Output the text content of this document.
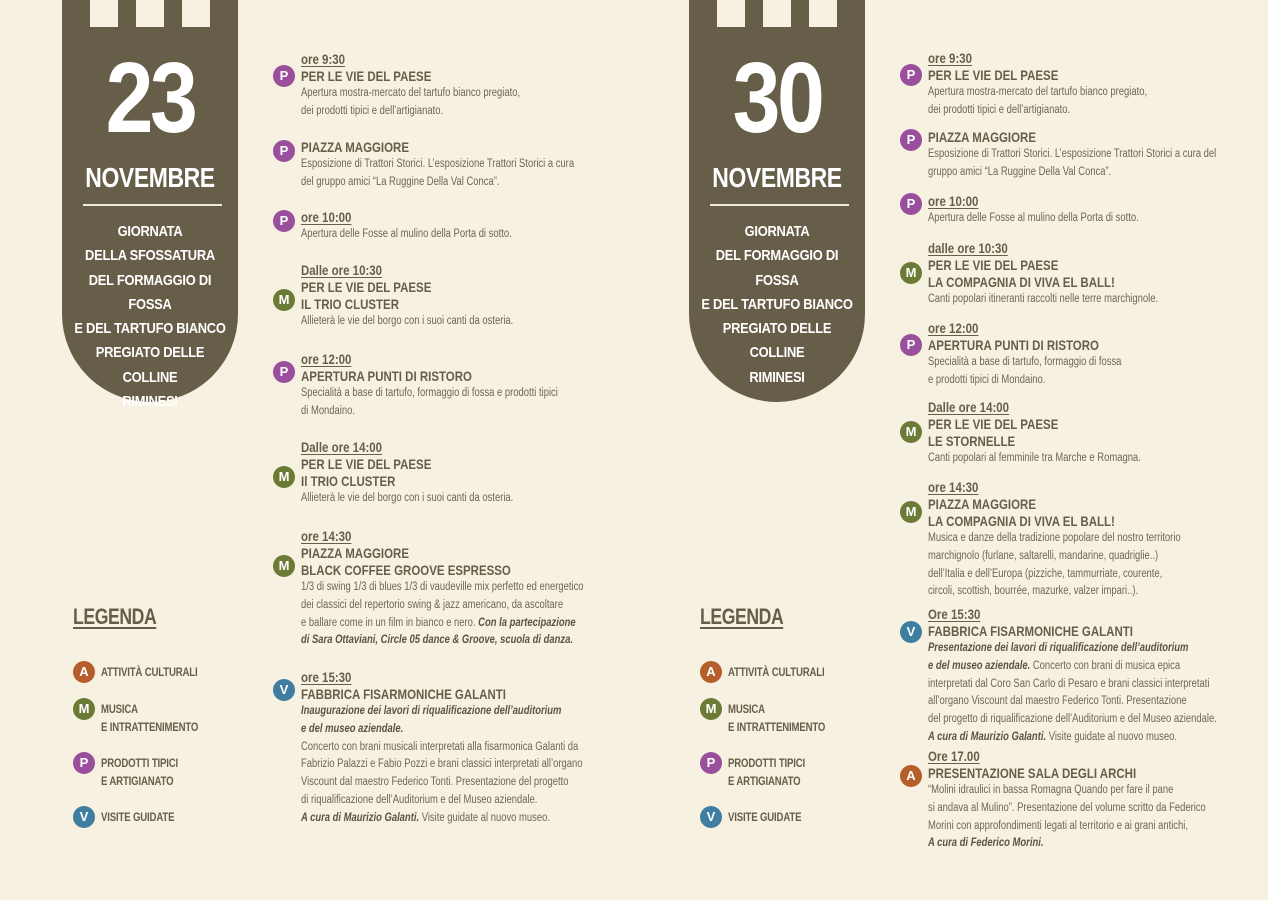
23
NOVEMBRE
GIORNATA
DELLA SFOSSATURA
DEL FORMAGGIO DI FOSSA
E DEL TARTUFO BIANCO
PREGIATO DELLE COLLINE
RIMINESI
30
NOVEMBRE
GIORNATA
DEL FORMAGGIO DI FOSSA
E DEL TARTUFO BIANCO
PREGIATO DELLE COLLINE
RIMINESI
LEGENDA
A	ATTIVITÀ CULTURALI
M MUSICA
E INTRATTENIMENTO
P	PRODOTTI TIPICI
E ARTIGIANATO
V	VISITE GUIDATE
LEGENDA
A	ATTIVITÀ CULTURALI
M MUSICA
E INTRATTENIMENTO
P	PRODOTTI TIPICI
E ARTIGIANATO
V	VISITE GUIDATE
P
ore 9:30
PER LE VIE DEL PAESE
Apertura mostra-mercato del tartufo bianco pregiato,
dei prodotti tipici e dell’artigianato.
P PIAZZA MAGGIORE
Esposizione di Trattori Storici. L’esposizione Trattori Storici a cura
del gruppo amici “La Ruggine Della Val Conca”.
P ore 10:00
Apertura delle Fosse al mulino della Porta di sotto.
M
Dalle ore 10:30
PER LE VIE DEL PAESE
IL TRIO CLUSTER
Allieterà le vie del borgo con i suoi canti da osteria.
P
ore 12:00
APERTURA PUNTI DI RISTORO
Specialità a base di tartufo, formaggio di fossa e prodotti tipici
di Mondaino.
M
Dalle ore 14:00
PER LE VIE DEL PAESE
Il TRIO CLUSTER
Allieterà le vie del borgo con i suoi canti da osteria.
M
ore 14:30
PIAZZA MAGGIORE
BLACK COFFEE GROOVE ESPRESSO
1/3 di swing 1/3 di blues 1/3 di vaudeville mix perfetto ed energetico
dei classici del repertorio swing & jazz americano, da ascoltare
e ballare come in un film in bianco e nero. Con la partecipazione
di Sara Ottaviani, Circle 05 dance & Groove, scuola di danza.
V
ore 15:30
FABBRICA FISARMONICHE GALANTI
Inaugurazione dei lavori di riqualificazione dell’auditorium
e del museo aziendale.
Concerto con brani musicali interpretati alla fisarmonica Galanti da
Fabrizio Palazzi e Fabio Pozzi e brani classici interpretati all’organo
Viscount dal maestro Federico Tonti. Presentazione del progetto
di riqualificazione dell’Auditorium e del Museo aziendale.
A cura di Maurizio Galanti. Visite guidate al nuovo museo.
P
ore 9:30
PER LE VIE DEL PAESE
Apertura mostra-mercato del tartufo bianco pregiato,
dei prodotti tipici e dell’artigianato.
P PIAZZA MAGGIORE
Esposizione di Trattori Storici. L’esposizione Trattori Storici a cura del
gruppo amici “La Ruggine Della Val Conca”.
P ore 10:00
Apertura delle Fosse al mulino della Porta di sotto.
M
dalle ore 10:30
PER LE VIE DEL PAESE
LA COMPAGNIA DI VIVA EL BALL!
Canti popolari itineranti raccolti nelle terre marchignole.
P
ore 12:00
APERTURA PUNTI DI RISTORO
Specialità a base di tartufo, formaggio di fossa
e prodotti tipici di Mondaino.
M
Dalle ore 14:00
PER LE VIE DEL PAESE
LE STORNELLE
Canti popolari al femminile tra Marche e Romagna.
M
ore 14:30
PIAZZA MAGGIORE
LA COMPAGNIA DI VIVA EL BALL!
Musica e danze della tradizione popolare del nostro territorio
marchignolo (furlane, saltarelli, mandarine, quadriglie..)
dell’Italia e dell’Europa (pizziche, tammurriate, courente,
circoli, scottish, bourrée, mazurke, valzer impari..).
V
Ore 15:30
FABBRICA FISARMONICHE GALANTI
Presentazione dei lavori di riqualificazione dell’auditorium
e del museo aziendale. Concerto con brani di musica epica
interpretati dal Coro San Carlo di Pesaro e brani classici interpretati
all’organo Viscount dal maestro Federico Tonti. Presentazione
del progetto di riqualificazione dell’Auditorium e del Museo aziendale.
A cura di Maurizio Galanti. Visite guidate al nuovo museo.
A
Ore 17.00
PRESENTAZIONE SALA DEGLI ARCHI
“Molini idraulici in bassa Romagna Quando per fare il pane
si andava al Mulino”. Presentazione del volume scritto da Federico
Morini con approfondimenti legati al territorio e ai grani antichi,
A cura di Federico Morini.
